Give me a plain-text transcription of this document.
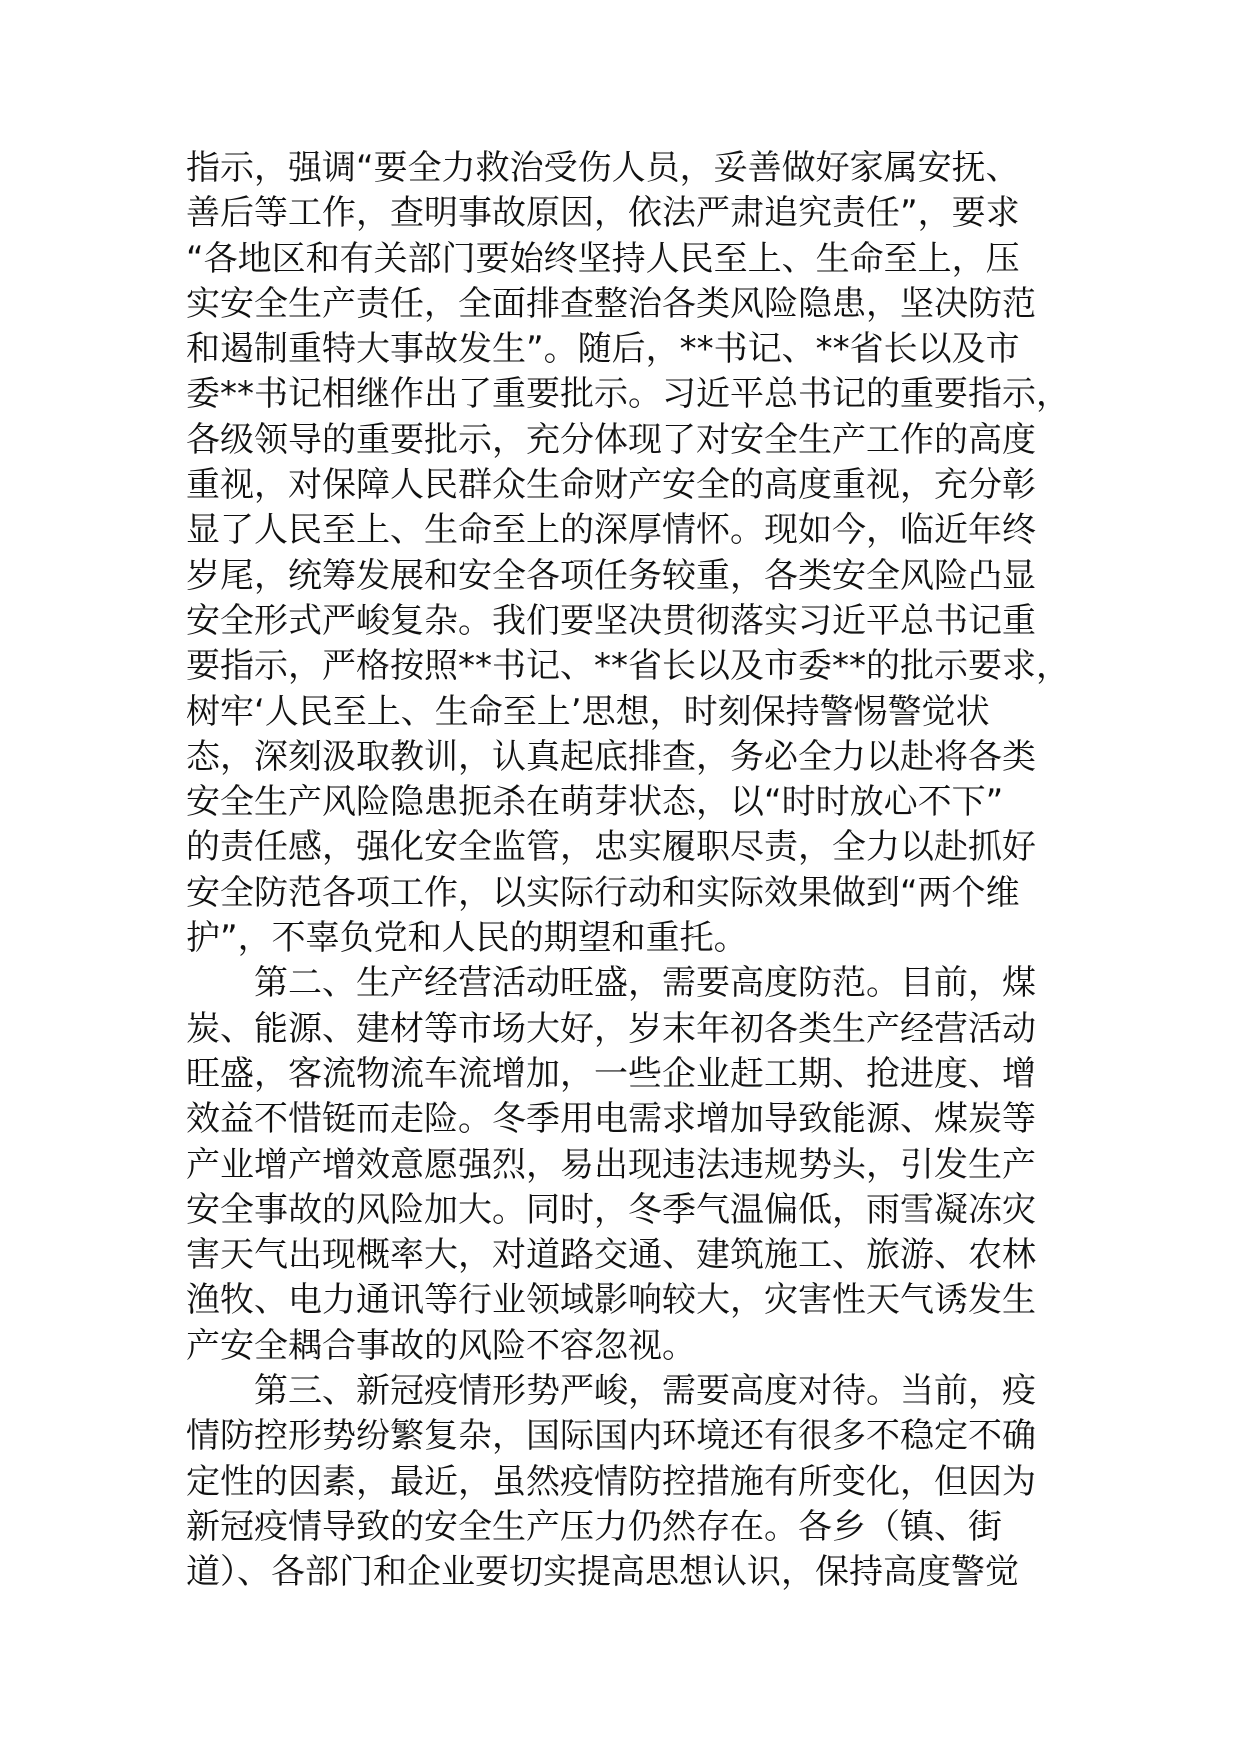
指示，强调“要全力救治受伤人员，妥善做好家属安抚、
善后等工作，查明事故原因，依法严肃追究责任”，要求
“各地区和有关部门要始终坚持人民至上、生命至上，压
实安全生产责任，全面排查整治各类风险隐患，坚决防范
和遏制重特大事故发生”。随后，**书记、**省长以及市
委**书记相继作出了重要批示。习近平总书记的重要指示，
各级领导的重要批示，充分体现了对安全生产工作的高度
重视，对保障人民群众生命财产安全的高度重视，充分彰
显了人民至上、生命至上的深厚情怀。现如今，临近年终
岁尾，统筹发展和安全各项任务较重，各类安全风险凸显
安全形式严峻复杂。我们要坚决贯彻落实习近平总书记重
要指示，严格按照**书记、**省长以及市委**的批示要求，
树牢‘人民至上、生命至上’思想，时刻保持警惕警觉状
态，深刻汲取教训，认真起底排查，务必全力以赴将各类
安全生产风险隐患扼杀在萌芽状态，以“时时放心不下”
的责任感，强化安全监管，忠实履职尽责，全力以赴抓好
安全防范各项工作，以实际行动和实际效果做到“两个维
护”，不辜负党和人民的期望和重托。
第二、生产经营活动旺盛，需要高度防范。目前，煤
炭、能源、建材等市场大好，岁末年初各类生产经营活动
旺盛，客流物流车流增加，一些企业赶工期、抢进度、增
效益不惜铤而走险。冬季用电需求增加导致能源、煤炭等
产业增产增效意愿强烈，易出现违法违规势头，引发生产
安全事故的风险加大。同时，冬季气温偏低，雨雪凝冻灾
害天气出现概率大，对道路交通、建筑施工、旅游、农林
渔牧、电力通讯等行业领域影响较大，灾害性天气诱发生
产安全耦合事故的风险不容忽视。
第三、新冠疫情形势严峻，需要高度对待。当前，疫
情防控形势纷繁复杂，国际国内环境还有很多不稳定不确
定性的因素，最近，虽然疫情防控措施有所变化，但因为
新冠疫情导致的安全生产压力仍然存在。各乡（镇、街
道）、各部门和企业要切实提高思想认识，保持高度警觉
